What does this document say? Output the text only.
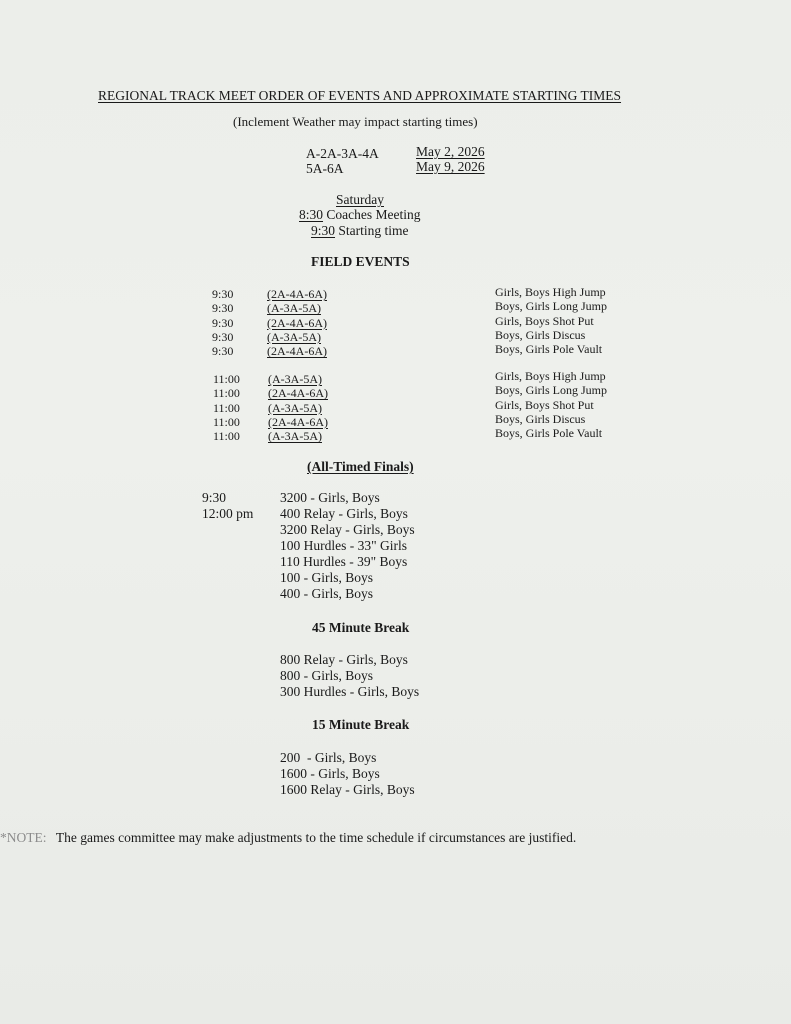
REGIONAL TRACK MEET ORDER OF EVENTS AND APPROXIMATE STARTING TIMES
(Inclement Weather may impact starting times)
A-2A-3A-4A	May 2, 2026
5A-6A	May 9, 2026
Saturday
8:30 Coaches Meeting
9:30 Starting time
FIELD EVENTS
9:30
9:30
9:30
9:30
9:30
(2A-4A-6A)
(A-3A-5A)
(2A-4A-6A)
(A-3A-5A)
(2A-4A-6A)
Girls, Boys High Jump
Boys, Girls Long Jump
Girls, Boys Shot Put
Boys, Girls Discus
Boys, Girls Pole Vault
11:00
11:00
11:00
11:00
11:00
(A-3A-5A)
(2A-4A-6A)
(A-3A-5A)
(2A-4A-6A)
(A-3A-5A)
Girls, Boys High Jump
Boys, Girls Long Jump
Girls, Boys Shot Put
Boys, Girls Discus
Boys, Girls Pole Vault
(All-Timed Finals)
9:30
12:00 pm
3200 - Girls, Boys
400 Relay - Girls, Boys
3200 Relay - Girls, Boys
100 Hurdles - 33" Girls
110 Hurdles - 39" Boys
100 - Girls, Boys
400 - Girls, Boys
45 Minute Break
800 Relay - Girls, Boys
800 - Girls, Boys
300 Hurdles - Girls, Boys
15 Minute Break
200  - Girls, Boys
1600 - Girls, Boys
1600 Relay - Girls, Boys
*NOTE: The games committee may make adjustments to the time schedule if circumstances are justified.
